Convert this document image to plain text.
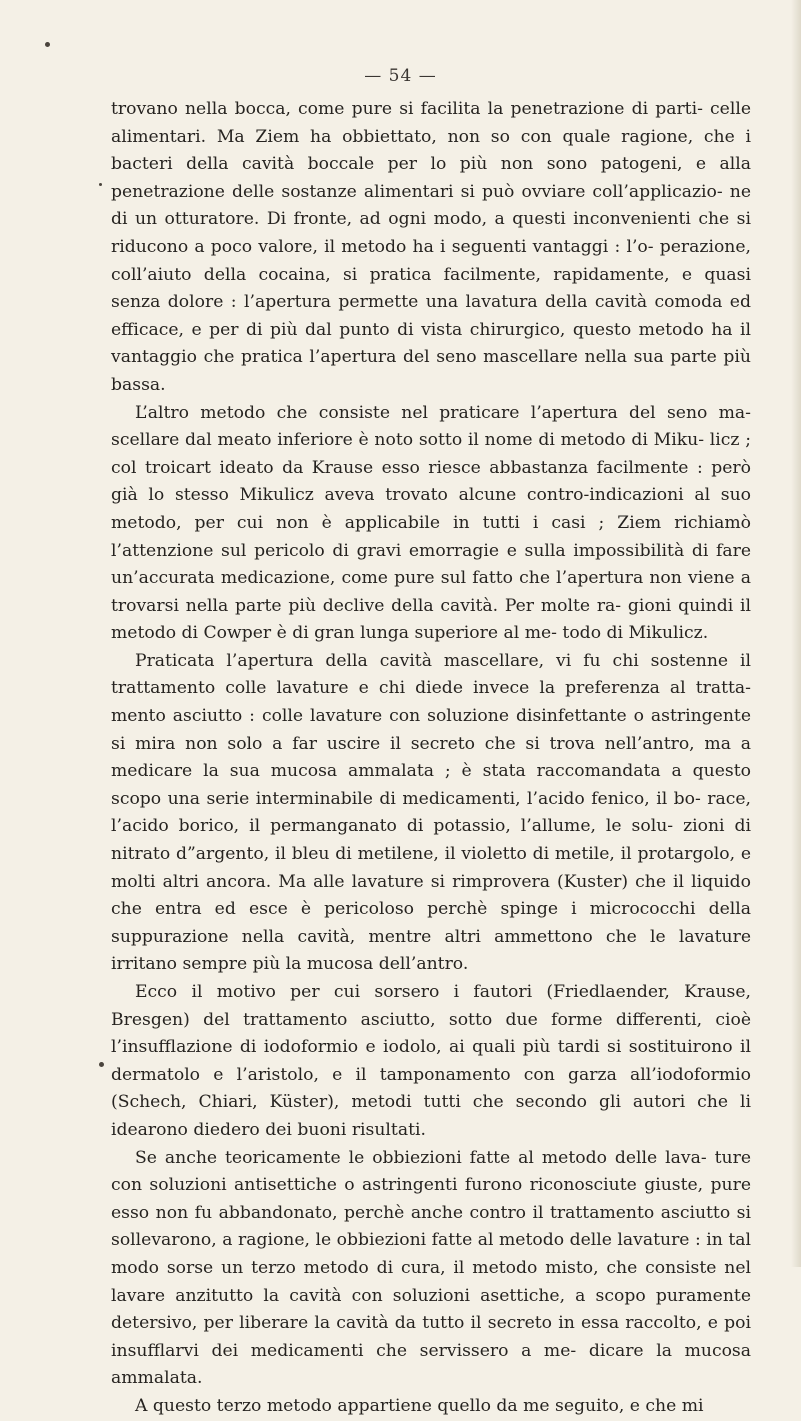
— 54 —

trovano nella bocca, come pure si facilita la penetrazione di parti- celle alimentari. Ma Ziem ha obbiettato, non so con quale ragione, che i bacteri della cavità boccale per lo più non sono patogeni, e alla penetrazione delle sostanze alimentari si può ovviare coll’applicazio- ne di un otturatore. Di fronte, ad ogni modo, a questi inconvenienti che si riducono a poco valore, il metodo ha i seguenti vantaggi : l’o- perazione, coll’aiuto della cocaina, si pratica facilmente, rapidamente, e quasi senza dolore : l’apertura permette una lavatura della cavità comoda ed efficace, e per di più dal punto di vista chirurgico, questo metodo ha il vantaggio che pratica l’apertura del seno mascellare nella sua parte più bassa.

L’altro metodo che consiste nel praticare l’apertura del seno ma- scellare dal meato inferiore è noto sotto il nome di metodo di Miku- licz ; col troicart ideato da Krause esso riesce abbastanza facilmente : però già lo stesso Mikulicz aveva trovato alcune contro-indicazioni al suo metodo, per cui non è applicabile in tutti i casi ; Ziem richiamò l’attenzione sul pericolo di gravi emorragie e sulla impossibilità di fare un’accurata medicazione, come pure sul fatto che l’apertura non viene a trovarsi nella parte più declive della cavità. Per molte ra- gioni quindi il metodo di Cowper è di gran lunga superiore al me- todo di Mikulicz.

Praticata l’apertura della cavità mascellare, vi fu chi sostenne il trattamento colle lavature e chi diede invece la preferenza al tratta- mento asciutto : colle lavature con soluzione disinfettante o astringente si mira non solo a far uscire il secreto che si trova nell’antro, ma a medicare la sua mucosa ammalata ; è stata raccomandata a questo scopo una serie interminabile di medicamenti, l’acido fenico, il bo- race, l’acido borico, il permanganato di potassio, l’allume, le solu- zioni di nitrato d”argento, il bleu di metilene, il violetto di metile, il protargolo, e molti altri ancora. Ma alle lavature si rimprovera (Kuster) che il liquido che entra ed esce è pericoloso perchè spinge i micrococchi della suppurazione nella cavità, mentre altri ammettono che le lavature irritano sempre più la mucosa dell’antro.

Ecco il motivo per cui sorsero i fautori (Friedlaender, Krause, Bresgen) del trattamento asciutto, sotto due forme differenti, cioè l’insufflazione di iodoformio e iodolo, ai quali più tardi si sostituirono il dermatolo e l’aristolo, e il tamponamento con garza all’iodoformio (Schech, Chiari, Küster), metodi tutti che secondo gli autori che li idearono diedero dei buoni risultati.

Se anche teoricamente le obbiezioni fatte al metodo delle lava- ture con soluzioni antisettiche o astringenti furono riconosciute giuste, pure esso non fu abbandonato, perchè anche contro il trattamento asciutto si sollevarono, a ragione, le obbiezioni fatte al metodo delle lavature : in tal modo sorse un terzo metodo di cura, il metodo misto, che consiste nel lavare anzitutto la cavità con soluzioni asettiche, a scopo puramente detersivo, per liberare la cavità da tutto il secreto in essa raccolto, e poi insufflarvi dei medicamenti che servissero a me- dicare la mucosa ammalata.

A questo terzo metodo appartiene quello da me seguito, e che mi
